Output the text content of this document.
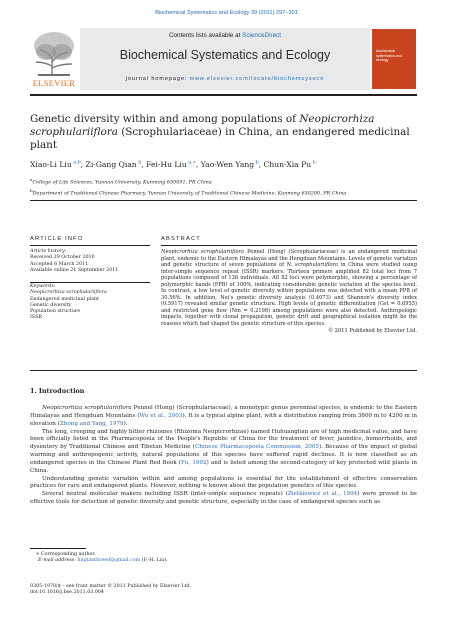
Biochemical Systematics and Ecology 39 (2011) 297–301
ELSEVIER
Contents lists available at ScienceDirect
Biochemical Systematics and Ecology
journal homepage: www.elsevier.com/locate/biochemsyseco
biochemical systematics and ecology
Genetic diversity within and among populations of Neopicrorhiza scrophulariiflora (Scrophulariaceae) in China, an endangered medicinal plant
Xiao-Li Liu $^{a,b}$, Zi-Gang Qian $^b$, Fei-Hu Liu $^{a,∗}$, Yao-Wen Yang $^b$, Chun-Xia Pu $^b$
$^a$College of Life Sciences, Yunnan University, Kunming 650091, PR China
$^b$Department of Traditional Chinese Pharmacy, Yunnan University of Traditional Chinese Medicine, Kunming 650200, PR China
ARTICLE INFO	ABSTRACT
Article history:
Received 29 October 2010
Accepted 6 March 2011
Available online 21 September 2011
Keywords:
Neopicrorhiza scrophulariiflora
Endangered medicinal plant
Genetic diversity
Population structure
ISSR

Neopicrorhiza scrophulariiflora Pennel (Hong) (Scrophulariaceae) is an endangered medicinal plant, endemic to the Eastern Himalayas and the Hengduan Mountains. Levels of genetic variation and genetic structure of seven populations of N. scrophulariiflora in China were studied using inter-simple sequence repeat (ISSR) markers. Thirteen primers amplified 82 total loci from 7 populations composed of 136 individuals. All 82 loci were polymorphic, showing a percentage of polymorphic bands (PPB) of 100%, indicating considerable genetic variation at the species level. In contrast, a low level of genetic diversity within populations was detected with a mean PPB of 30.56%. In addition, Nei's genetic diversity analysis (0.4073) and Shannon's diversity index (0.5917) revealed similar genetic structure. High levels of genetic differentiation (Gst = 0.6955) and restricted gene flow (Nm = 0.2198) among populations were also detected. Anthropologic impacts, together with clonal propagation, genetic drift and geographical isolation might be the reasons which had shaped the genetic structure of this species.

© 2011 Published by Elsevier Ltd.

1. Introduction

Neopicrorhiza scrophulariiflora Pennel (Hong) (Scrophulariaceae), a monotypic genus perennial species, is endemic to the Eastern Himalayas and Hengduan Mountains (Wu et al., 2003). It is a typical alpine plant, with a distribution ranging from 3600 m to 4200 m in elevation (Zhong and Yang, 1979).

The long, creeping and highly bitter rhizomes (Rhizoma Neopicrorhizae) named Huhuanglian are of high medicinal value, and have been officially listed in the Pharmacopoeia of the People's Republic of China for the treatment of fever, jaundice, hemorrhoids, and dysentery by Traditional Chinese and Tibetan Medicine (Chinese Pharmacopoeia Commission, 2005). Because of the impact of global warming and anthropogenic activity, natural populations of this species have suffered rapid declines. It is now classified as an endangered species in the Chinese Plant Red Book (Fu, 1992) and is listed among the second-category of key protected wild plants in China.

Understanding genetic variation within and among populations is essential for the establishment of effective conservation practices for rare and endangered plants. However, nothing is known about the population genetics of this species.

Several neutral molecular makers including ISSR (inter-simple sequence repeats) (Zietkiewicz et al., 1994) were proved to be effective tools for detection of genetic diversity and genetic structure, especially in the case of endangered species such as

∗ Corresponding author.
E-mail address: hnplantbreed@gmail.com (F.-H. Liu).
0305-1978/$ – see front matter © 2011 Published by Elsevier Ltd.
doi:10.1016/j.bse.2011.03.004
